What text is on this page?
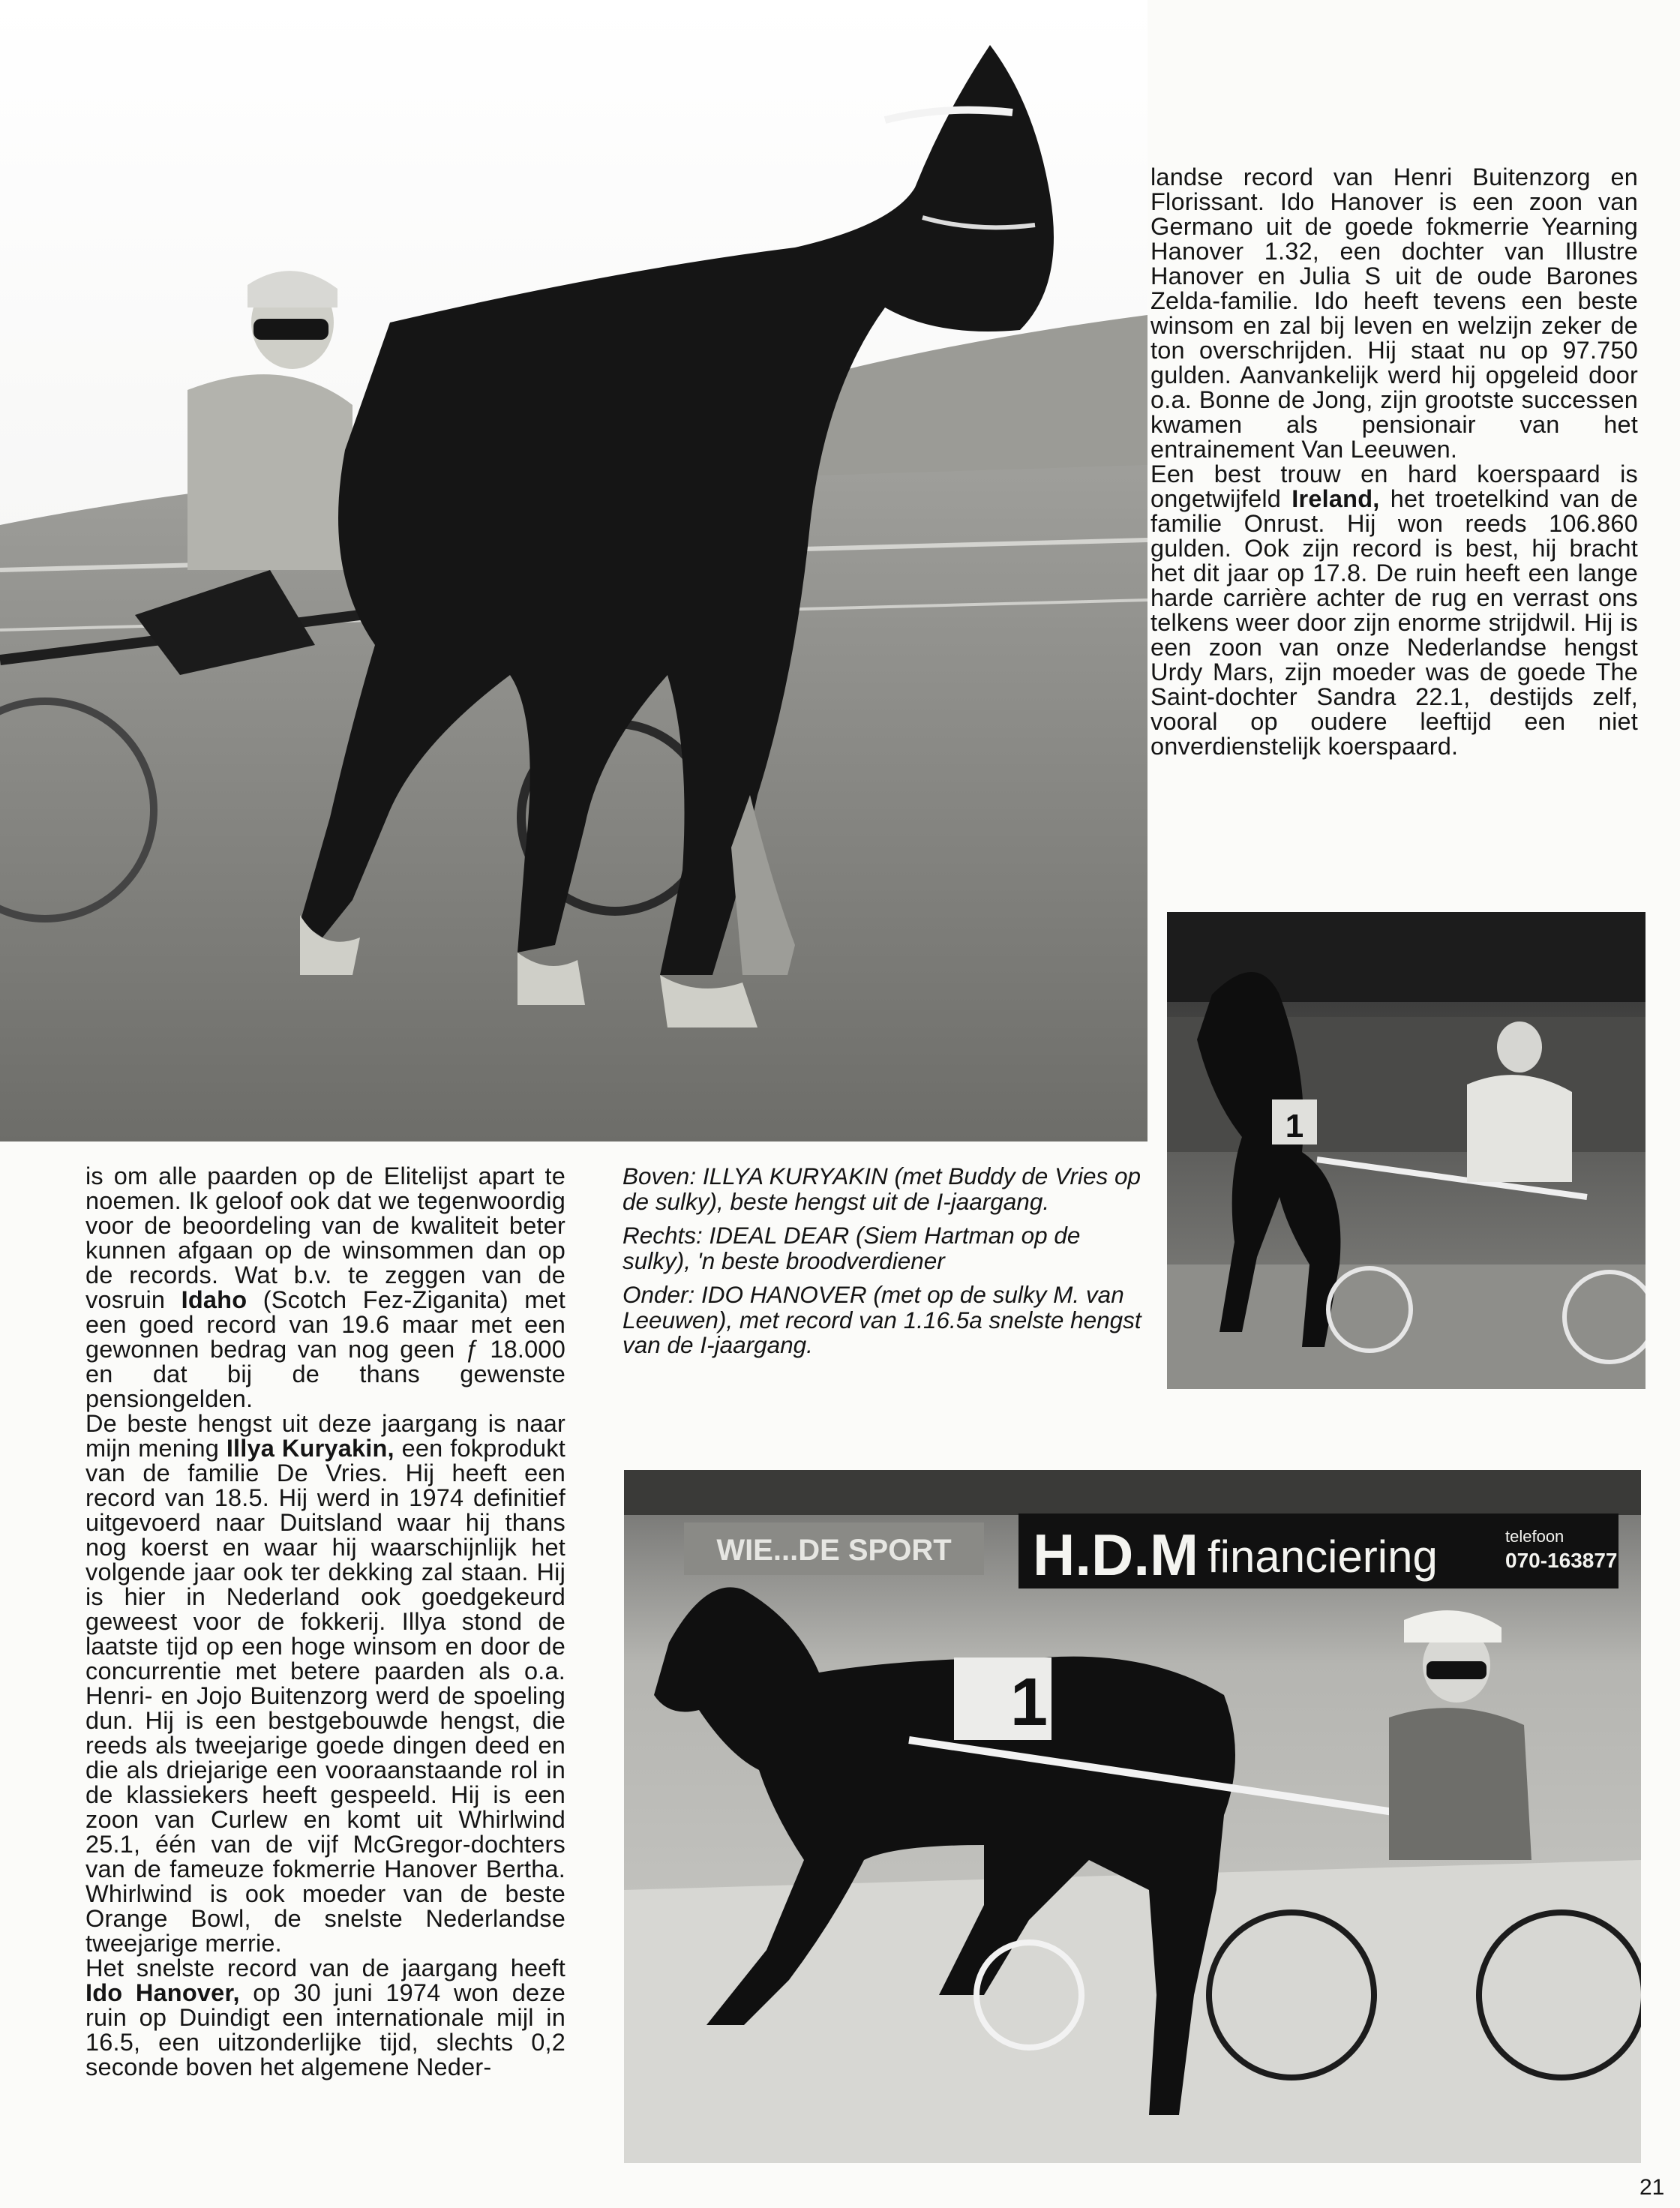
landse record van Henri Buitenzorg en Florissant. Ido Hanover is een zoon van Germano uit de goede fokmerrie Yearning Hanover 1.32, een dochter van Illustre Hanover en Julia S uit de oude Barones Zelda-familie. Ido heeft tevens een beste winsom en zal bij leven en welzijn zeker de ton overschrijden. Hij staat nu op 97.750 gulden. Aanvankelijk werd hij opgeleid door o.a. Bonne de Jong, zijn grootste successen kwamen als pensionair van het entrainement Van Leeuwen.

Een best trouw en hard koerspaard is ongetwijfeld Ireland, het troetelkind van de familie Onrust. Hij won reeds 106.860 gulden. Ook zijn record is best, hij bracht het dit jaar op 17.8. De ruin heeft een lange harde carrière achter de rug en verrast ons telkens weer door zijn enorme strijdwil. Hij is een zoon van onze Nederlandse hengst Urdy Mars, zijn moeder was de goede The Saint-dochter Sandra 22.1, destijds zelf, vooral op oudere leeftijd een niet onverdienstelijk koerspaard.

1

is om alle paarden op de Elitelijst apart te noemen. Ik geloof ook dat we tegenwoordig voor de beoordeling van de kwaliteit beter kunnen afgaan op de winsommen dan op de records. Wat b.v. te zeggen van de vosruin Idaho (Scotch Fez-Ziganita) met een goed record van 19.6 maar met een gewonnen bedrag van nog geen ƒ 18.000 en dat bij de thans gewenste pensiongelden.

De beste hengst uit deze jaargang is naar mijn mening Illya Kuryakin, een fokprodukt van de familie De Vries. Hij heeft een record van 18.5. Hij werd in 1974 definitief uitgevoerd naar Duitsland waar hij thans nog koerst en waar hij waarschijnlijk het volgende jaar ook ter dekking zal staan. Hij is hier in Nederland ook goedgekeurd geweest voor de fokkerij. Illya stond de laatste tijd op een hoge winsom en door de concurrentie met betere paarden als o.a. Henri- en Jojo Buitenzorg werd de spoeling dun. Hij is een bestgebouwde hengst, die reeds als tweejarige goede dingen deed en die als driejarige een vooraanstaande rol in de klassiekers heeft gespeeld. Hij is een zoon van Curlew en komt uit Whirlwind 25.1, één van de vijf McGregor-dochters van de fameuze fokmerrie Hanover Bertha. Whirlwind is ook moeder van de beste Orange Bowl, de snelste Nederlandse tweejarige merrie.

Het snelste record van de jaargang heeft Ido Hanover, op 30 juni 1974 won deze ruin op Duindigt een internationale mijl in 16.5, een uitzonderlijke tijd, slechts 0,2 seconde boven het algemene Neder-

Boven: ILLYA KURYAKIN (met Buddy de Vries op de sulky), beste hengst uit de I-jaargang.

Rechts: IDEAL DEAR (Siem Hartman op de sulky), 'n beste broodverdiener

Onder: IDO HANOVER (met op de sulky M. van Leeuwen), met record van 1.16.5a snelste hengst van de I-jaargang.

WIE...DE SPORT H.D.M financiering	telefoon
070-163877
1
21
